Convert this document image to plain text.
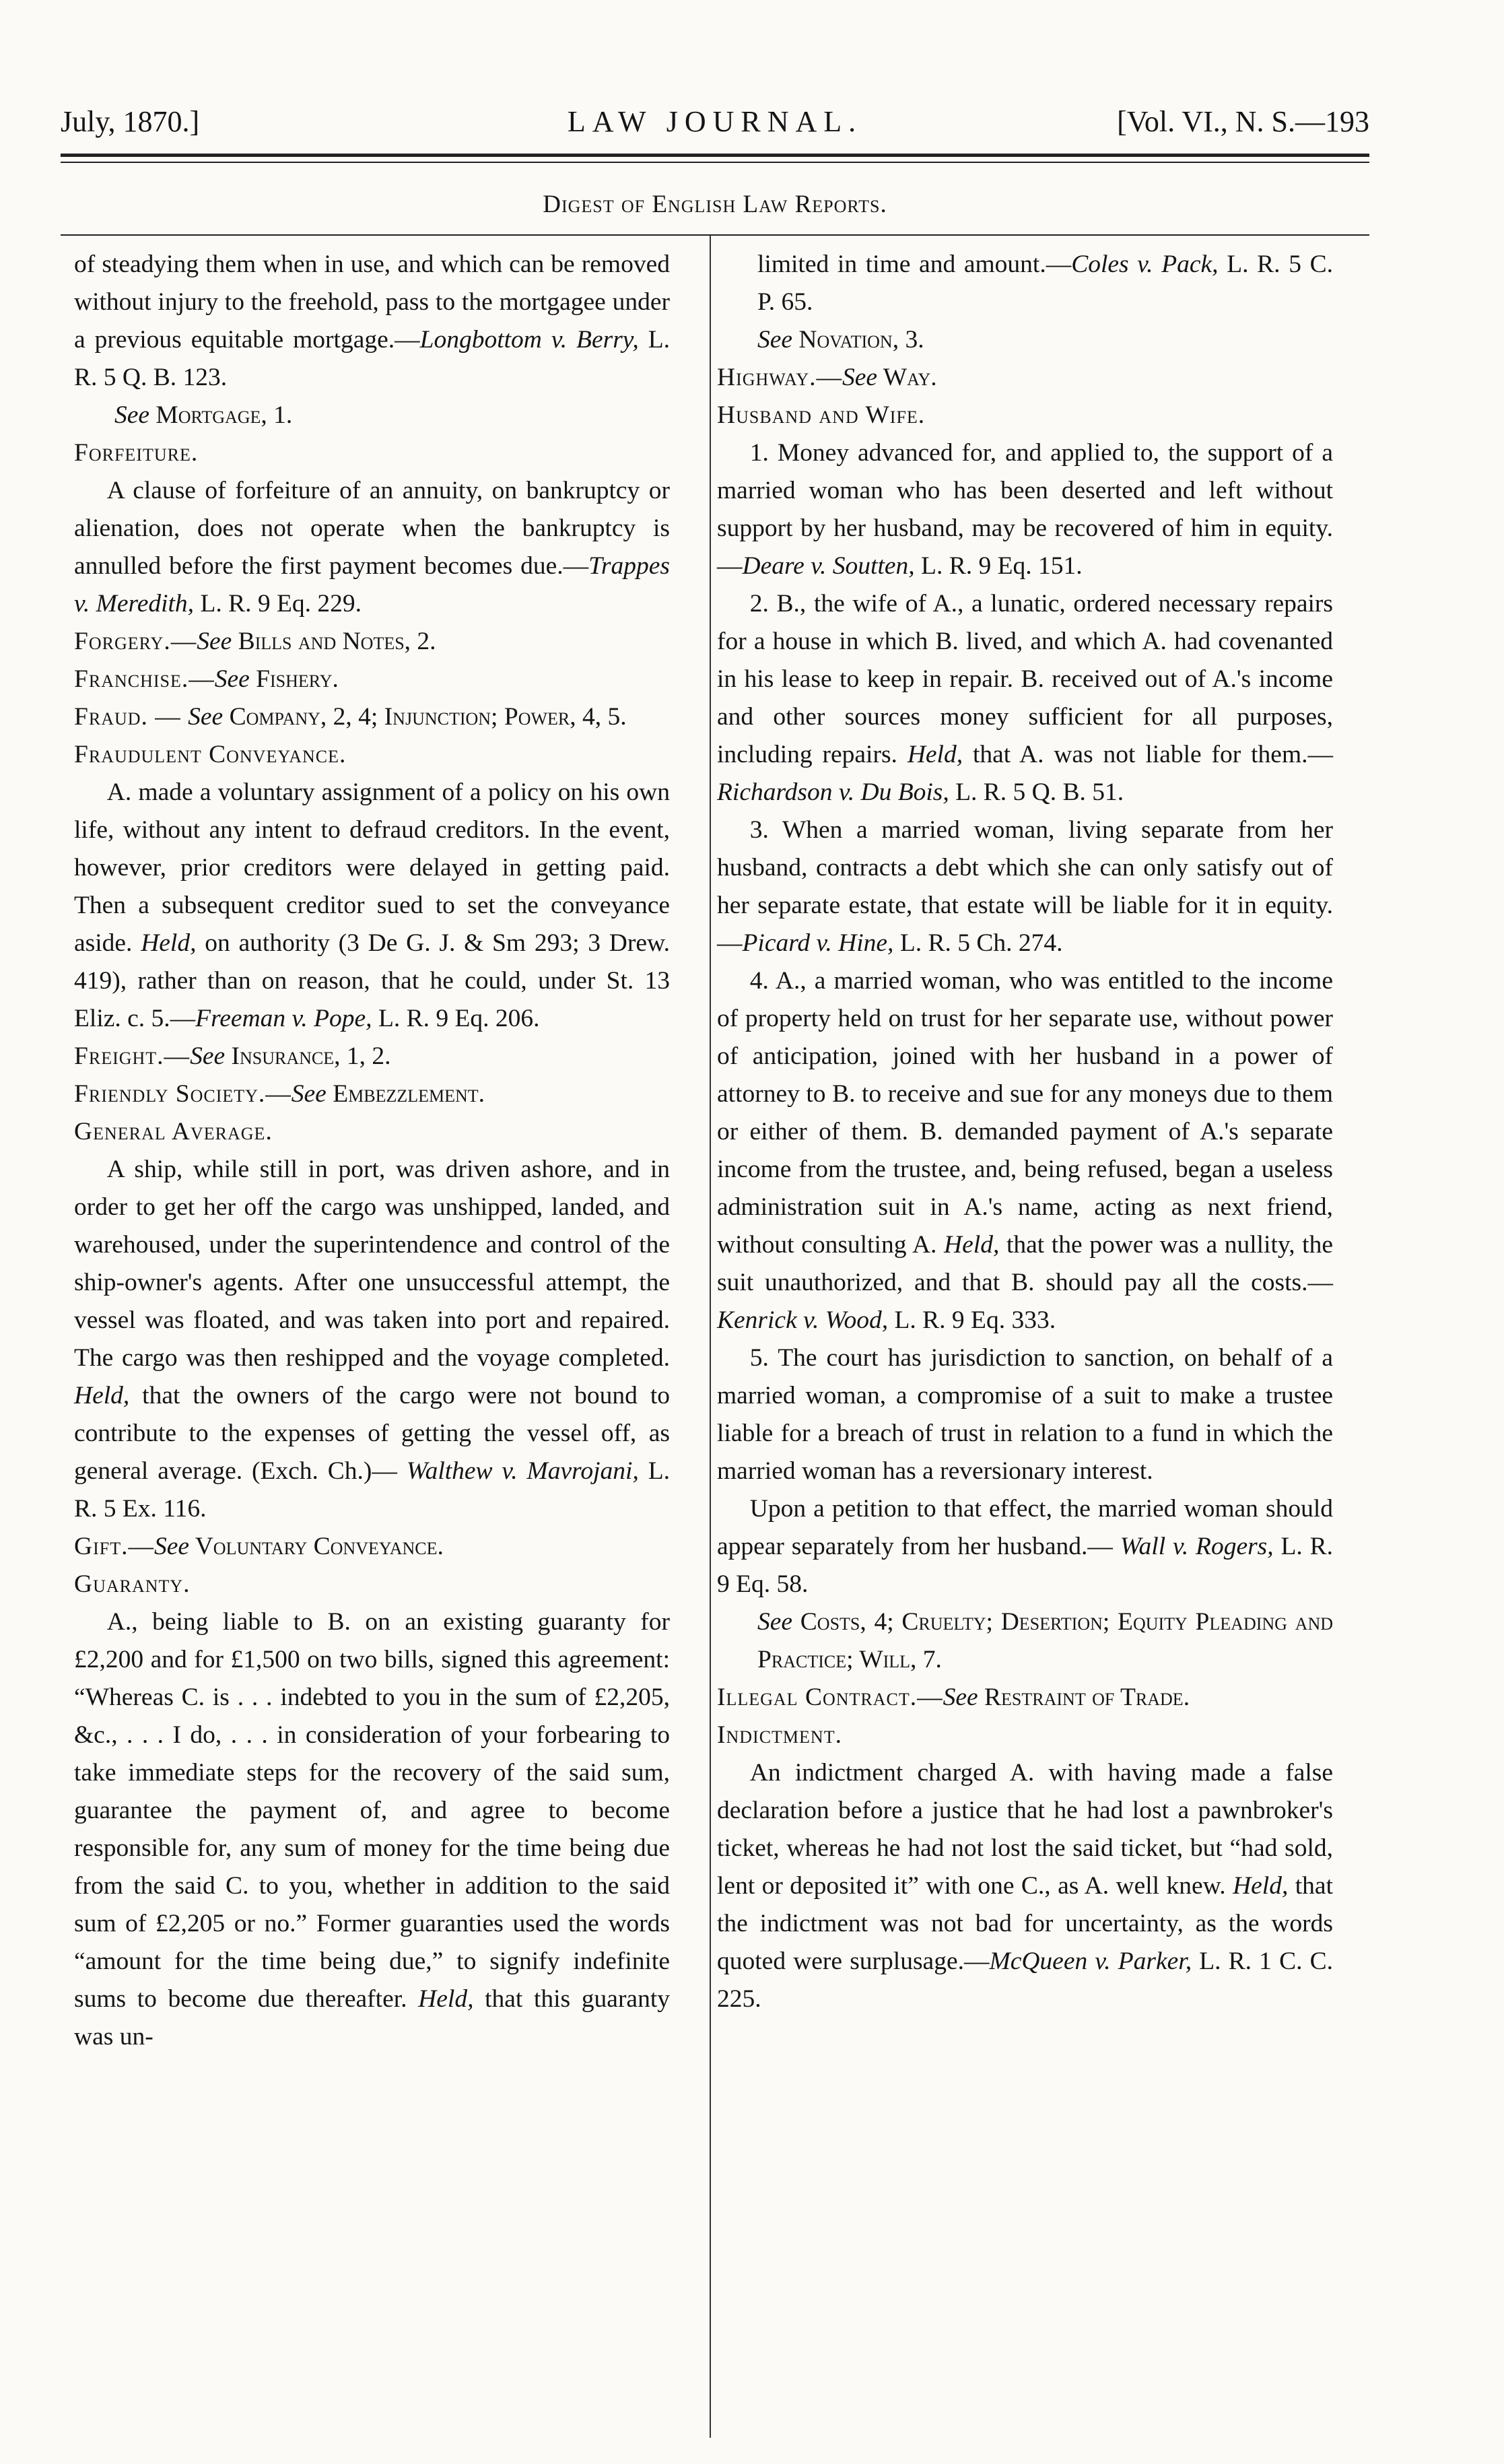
July, 1870.]	LAW JOURNAL.	[Vol. VI., N. S.—193
Digest of English Law Reports.

of steadying them when in use, and which can be removed without injury to the freehold, pass to the mortgagee under a previous equitable mortgage.—Longbottom v. Berry, L. R. 5 Q. B. 123.

See Mortgage, 1.

Forfeiture.

A clause of forfeiture of an annuity, on bankruptcy or alienation, does not operate when the bankruptcy is annulled before the first payment becomes due.—Trappes v. Meredith, L. R. 9 Eq. 229.

Forgery.—See Bills and Notes, 2.

Franchise.—See Fishery.

Fraud. — See Company, 2, 4; Injunction; Power, 4, 5.

Fraudulent Conveyance.

A. made a voluntary assignment of a policy on his own life, without any intent to defraud creditors. In the event, however, prior creditors were delayed in getting paid. Then a subsequent creditor sued to set the conveyance aside. Held, on authority (3 De G. J. & Sm 293; 3 Drew. 419), rather than on reason, that he could, under St. 13 Eliz. c. 5.—Freeman v. Pope, L. R. 9 Eq. 206.

Freight.—See Insurance, 1, 2.

Friendly Society.—See Embezzlement.

General Average.

A ship, while still in port, was driven ashore, and in order to get her off the cargo was unshipped, landed, and warehoused, under the superintendence and control of the ship-owner's agents. After one unsuccessful attempt, the vessel was floated, and was taken into port and repaired. The cargo was then reshipped and the voyage completed. Held, that the owners of the cargo were not bound to contribute to the expenses of getting the vessel off, as general average. (Exch. Ch.)— Walthew v. Mavrojani, L. R. 5 Ex. 116.

Gift.—See Voluntary Conveyance.

Guaranty.

A., being liable to B. on an existing guaranty for £2,200 and for £1,500 on two bills, signed this agreement: “Whereas C. is . . . indebted to you in the sum of £2,205, &c., . . . I do, . . . in consideration of your forbearing to take immediate steps for the recovery of the said sum, guarantee the payment of, and agree to become responsible for, any sum of money for the time being due from the said C. to you, whether in addition to the said sum of £2,205 or no.” Former guaranties used the words “amount for the time being due,” to signify indefinite sums to become due thereafter. Held, that this guaranty was un-

limited in time and amount.—Coles v. Pack, L. R. 5 C. P. 65.

See Novation, 3.

Highway.—See Way.

Husband and Wife.

1. Money advanced for, and applied to, the support of a married woman who has been deserted and left without support by her husband, may be recovered of him in equity.—Deare v. Soutten, L. R. 9 Eq. 151.

2. B., the wife of A., a lunatic, ordered necessary repairs for a house in which B. lived, and which A. had covenanted in his lease to keep in repair. B. received out of A.'s income and other sources money sufficient for all purposes, including repairs. Held, that A. was not liable for them.—Richardson v. Du Bois, L. R. 5 Q. B. 51.

3. When a married woman, living separate from her husband, contracts a debt which she can only satisfy out of her separate estate, that estate will be liable for it in equity.—Picard v. Hine, L. R. 5 Ch. 274.

4. A., a married woman, who was entitled to the income of property held on trust for her separate use, without power of anticipation, joined with her husband in a power of attorney to B. to receive and sue for any moneys due to them or either of them. B. demanded payment of A.'s separate income from the trustee, and, being refused, began a useless administration suit in A.'s name, acting as next friend, without consulting A. Held, that the power was a nullity, the suit unauthorized, and that B. should pay all the costs.—Kenrick v. Wood, L. R. 9 Eq. 333.

5. The court has jurisdiction to sanction, on behalf of a married woman, a compromise of a suit to make a trustee liable for a breach of trust in relation to a fund in which the married woman has a reversionary interest.

Upon a petition to that effect, the married woman should appear separately from her husband.— Wall v. Rogers, L. R. 9 Eq. 58.

See Costs, 4; Cruelty; Desertion; Equity Pleading and Practice; Will, 7.

Illegal Contract.—See Restraint of Trade.

Indictment.

An indictment charged A. with having made a false declaration before a justice that he had lost a pawnbroker's ticket, whereas he had not lost the said ticket, but “had sold, lent or deposited it” with one C., as A. well knew. Held, that the indictment was not bad for uncertainty, as the words quoted were surplusage.—McQueen v. Parker, L. R. 1 C. C. 225.
